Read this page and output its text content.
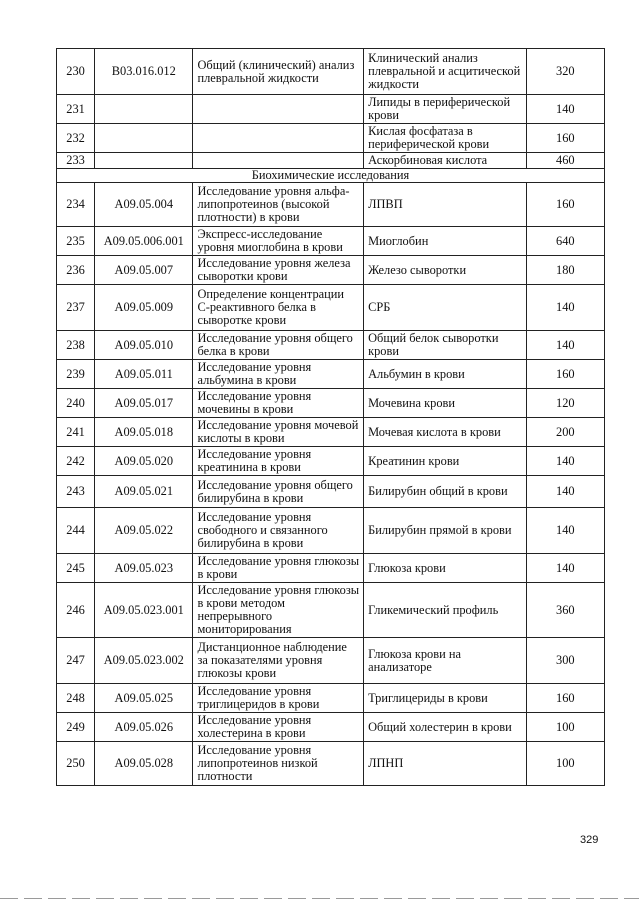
230	B03.016.012	Общий (клинический) анализ плевральной жидкости	Клинический анализ плевральной и асцитической жидкости	320
231			Липиды в периферической крови	140
232			Кислая фосфатаза в периферической крови	160
233			Аскорбиновая кислота	460
Биохимические исследования				
234	A09.05.004	Исследование уровня альфа-липопротеинов (высокой плотности) в крови	ЛПВП	160
235	A09.05.006.001	Экспресс-исследование уровня миоглобина в крови	Миоглобин	640
236	A09.05.007	Исследование уровня железа сыворотки крови	Железо сыворотки	180
237	A09.05.009	Определение концентрации C-реактивного белка в сыворотке крови	СРБ	140
238	A09.05.010	Исследование уровня общего белка в крови	Общий белок сыворотки крови	140
239	A09.05.011	Исследование уровня альбумина в крови	Альбумин в крови	160
240	A09.05.017	Исследование уровня мочевины в крови	Мочевина крови	120
241	A09.05.018	Исследование уровня мочевой кислоты в крови	Мочевая кислота в крови	200
242	A09.05.020	Исследование уровня креатинина в крови	Креатинин крови	140
243	A09.05.021	Исследование уровня общего билирубина в крови	Билирубин общий в крови	140
244	A09.05.022	Исследование уровня свободного и связанного билирубина в крови	Билирубин прямой в крови	140
245	A09.05.023	Исследование уровня глюкозы в крови	Глюкоза крови	140
246	A09.05.023.001	Исследование уровня глюкозы в крови методом непрерывного мониторирования	Гликемический профиль	360
247	A09.05.023.002	Дистанционное наблюдение за показателями уровня глюкозы крови	Глюкоза крови на анализаторе	300
248	A09.05.025	Исследование уровня триглицеридов в крови	Триглицериды в крови	160
249	A09.05.026	Исследование уровня холестерина в крови	Общий холестерин в крови	100
250	A09.05.028	Исследование уровня липопротеинов низкой плотности	ЛПНП	100
329
